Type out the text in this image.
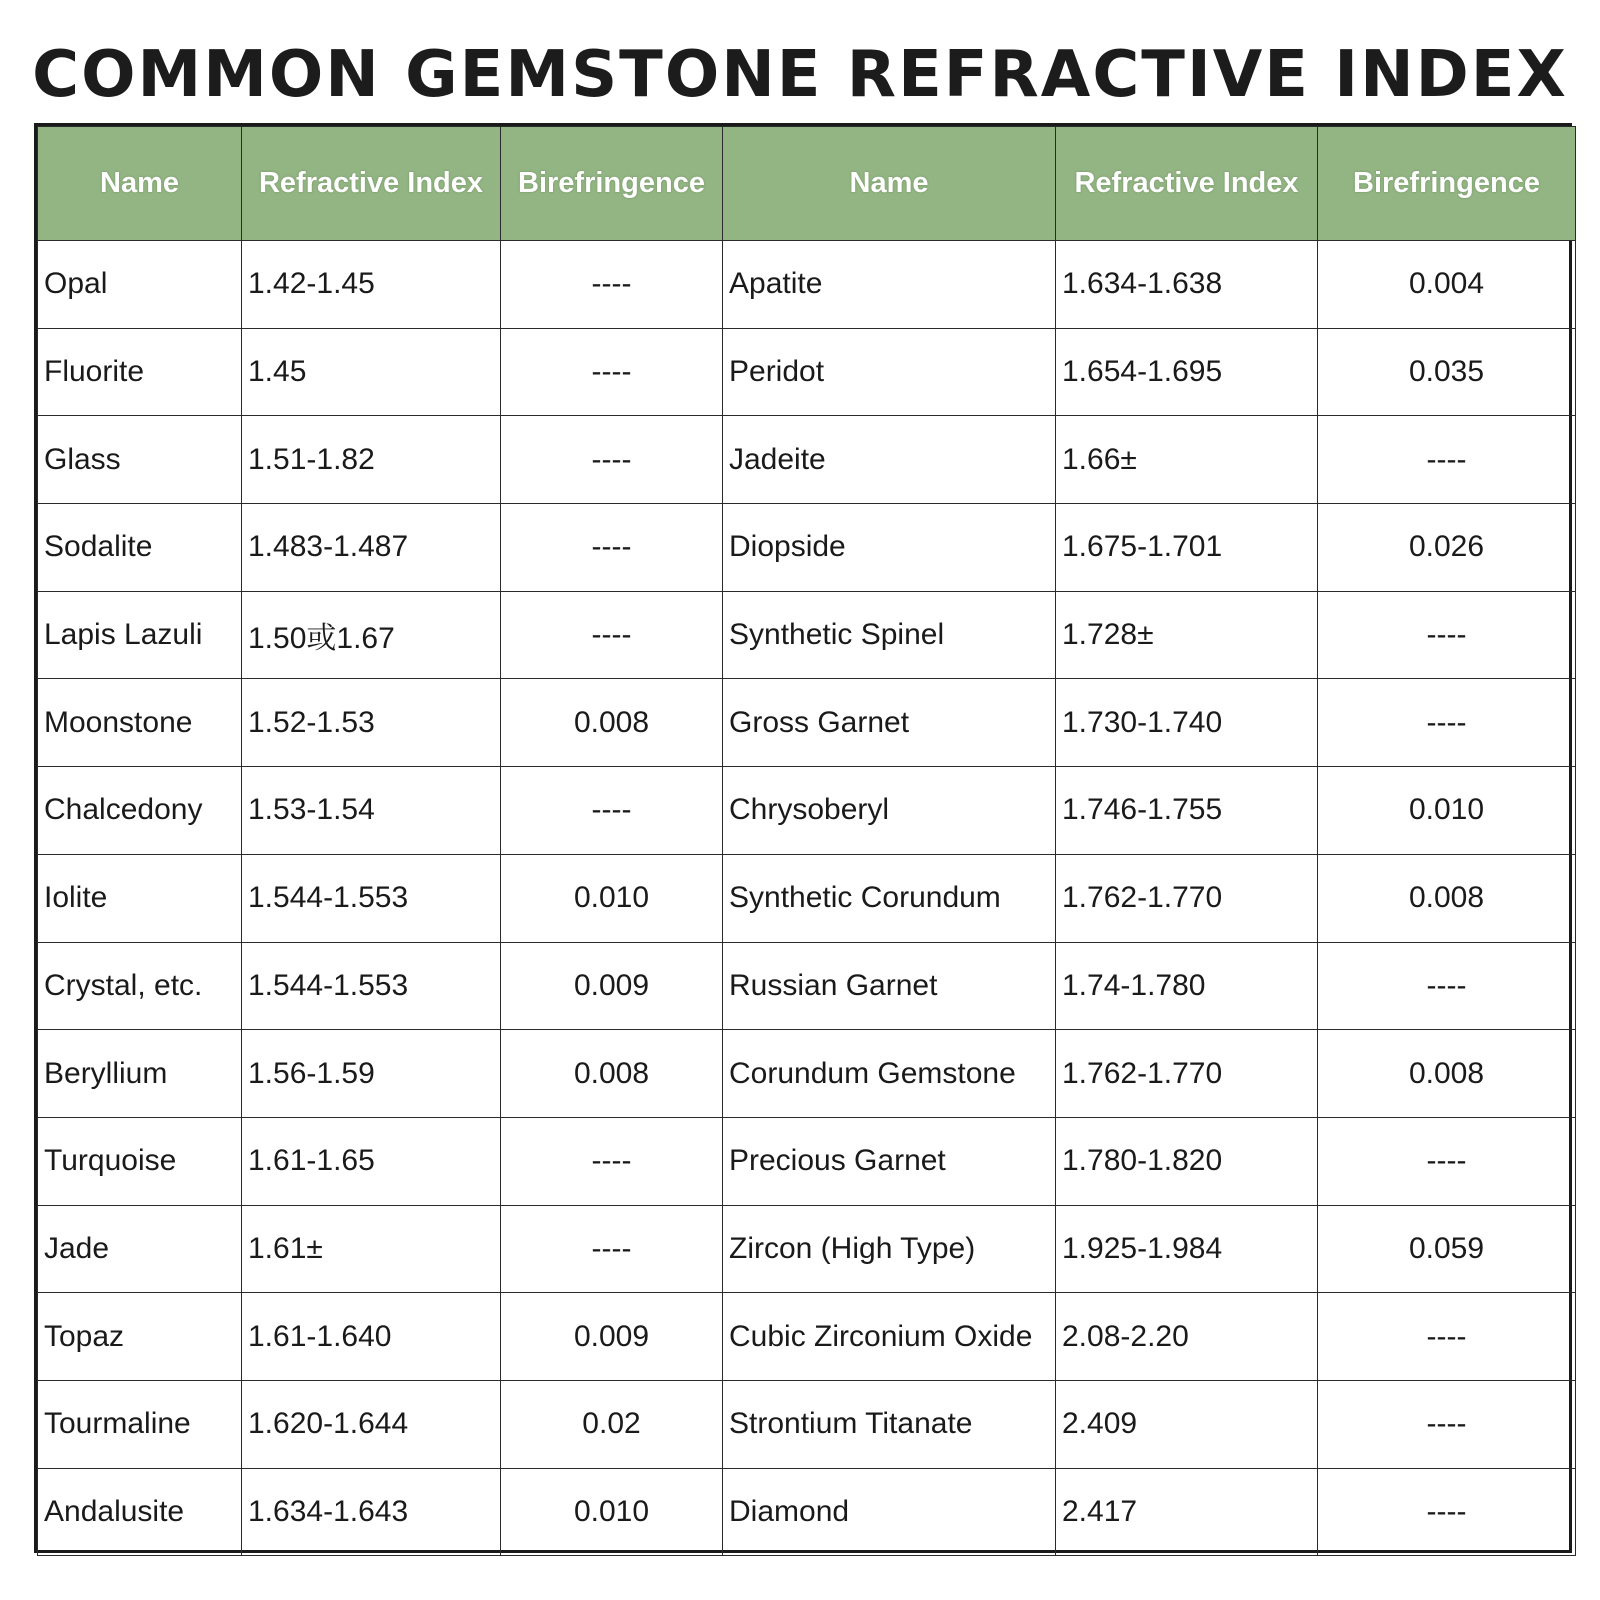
COMMON GEMSTONE REFRACTIVE INDEX
Name	Refractive Index	Birefringence	Name	Refractive Index	Birefringence
Opal	1.42-1.45	----	Apatite	1.634-1.638	0.004
Fluorite	1.45	----	Peridot	1.654-1.695	0.035
Glass	1.51-1.82	----	Jadeite	1.66±	----
Sodalite	1.483-1.487	----	Diopside	1.675-1.701	0.026
Lapis Lazuli	1.50或1.67	----	Synthetic Spinel	1.728±	----
Moonstone	1.52-1.53	0.008	Gross Garnet	1.730-1.740	----
Chalcedony	1.53-1.54	----	Chrysoberyl	1.746-1.755	0.010
Iolite	1.544-1.553	0.010	Synthetic Corundum	1.762-1.770	0.008
Crystal, etc.	1.544-1.553	0.009	Russian Garnet	1.74-1.780	----
Beryllium	1.56-1.59	0.008	Corundum Gemstone	1.762-1.770	0.008
Turquoise	1.61-1.65	----	Precious Garnet	1.780-1.820	----
Jade	1.61±	----	Zircon (High Type)	1.925-1.984	0.059
Topaz	1.61-1.640	0.009	Cubic Zirconium Oxide	2.08-2.20	----
Tourmaline	1.620-1.644	0.02	Strontium Titanate	2.409	----
Andalusite	1.634-1.643	0.010	Diamond	2.417	----
